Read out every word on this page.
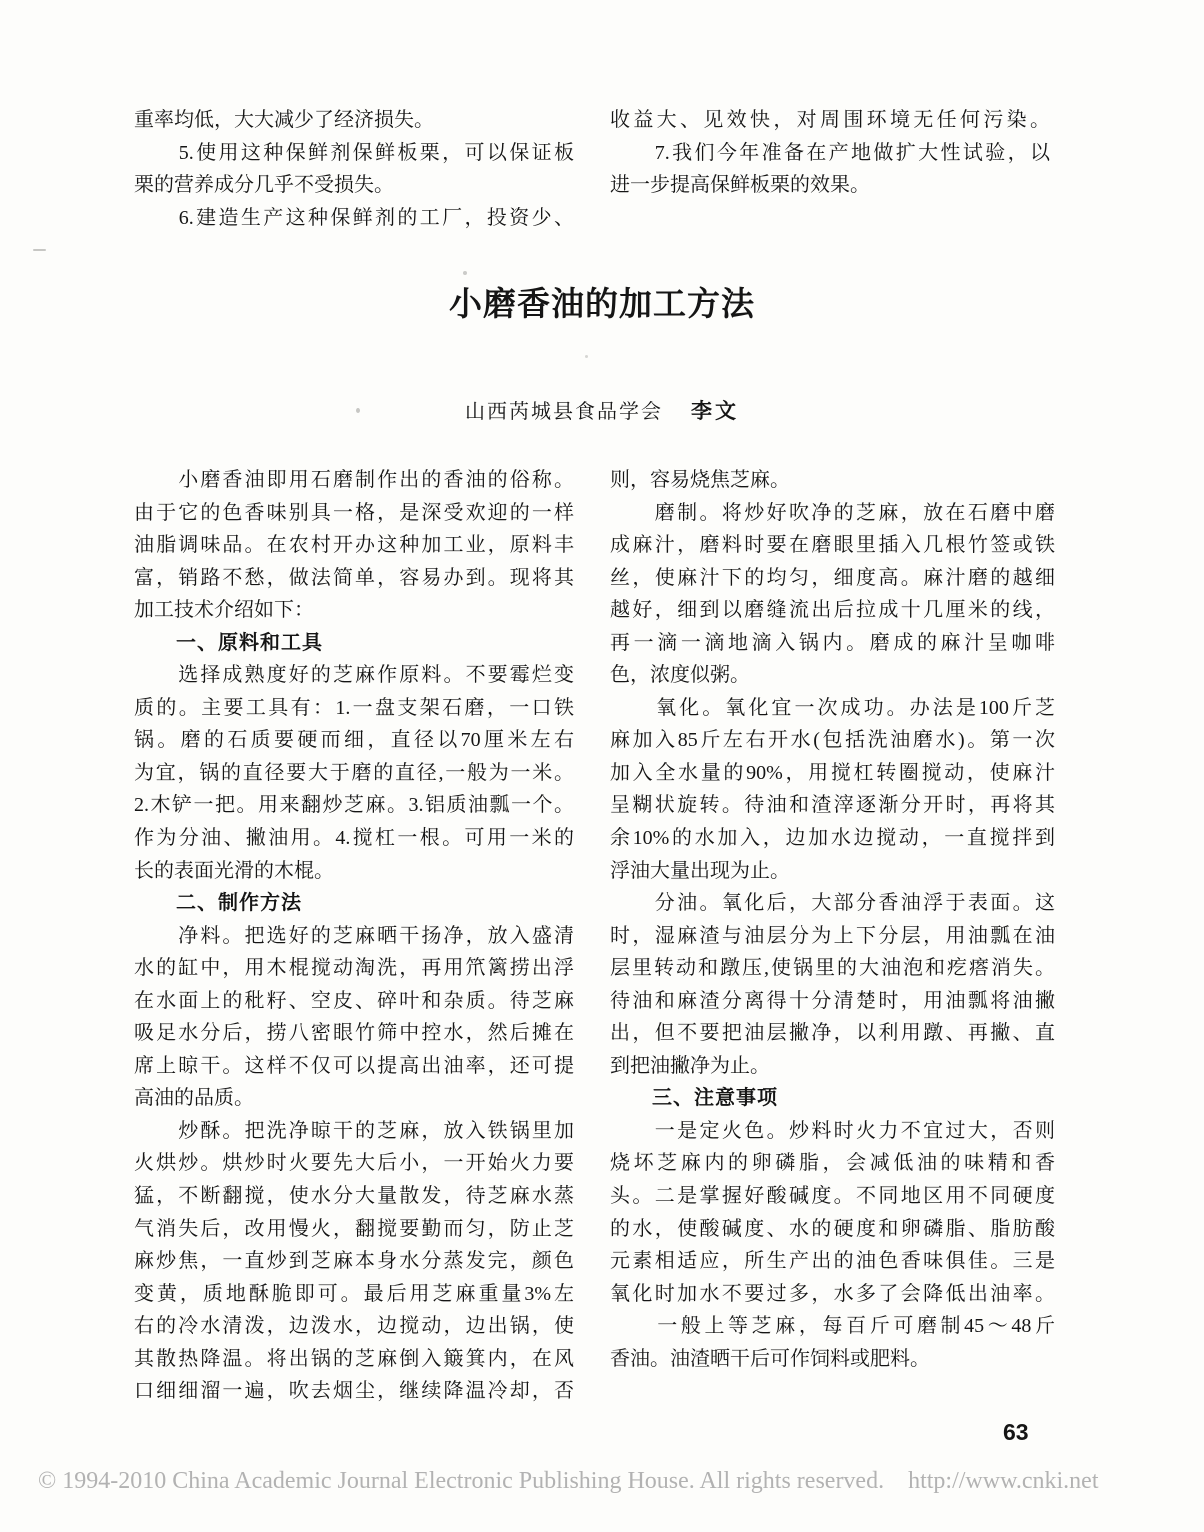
重率均低，大大减少了经济损失。
　　5.使用这种保鲜剂保鲜板栗，可以保证板
栗的营养成分几乎不受损失。
　　6.建造生产这种保鲜剂的工厂，投资少、
收益大、见效快，对周围环境无任何污染。
　　7.我们今年准备在产地做扩大性试验，以
进一步提高保鲜板栗的效果。
小磨香油的加工方法
山西芮城县食品学会 李文
　　小磨香油即用石磨制作出的香油的俗称。
由于它的色香味别具一格，是深受欢迎的一样
油脂调味品。在农村开办这种加工业，原料丰
富，销路不愁，做法简单，容易办到。现将其
加工技术介绍如下：
　　一、原料和工具
　　选择成熟度好的芝麻作原料。不要霉烂变
质的。主要工具有：1.一盘支架石磨，一口铁
锅。磨的石质要硬而细，直径以70厘米左右
为宜，锅的直径要大于磨的直径,一般为一米。
2.木铲一把。用来翻炒芝麻。3.铝质油瓢一个。
作为分油、撇油用。4.搅杠一根。可用一米的
长的表面光滑的木棍。
　　二、制作方法
　　净料。把选好的芝麻晒干扬净，放入盛清
水的缸中，用木棍搅动淘洗，再用笊篱捞出浮
在水面上的秕籽、空皮、碎叶和杂质。待芝麻
吸足水分后，捞八密眼竹筛中控水，然后摊在
席上晾干。这样不仅可以提高出油率，还可提
高油的品质。
　　炒酥。把洗净晾干的芝麻，放入铁锅里加
火烘炒。烘炒时火要先大后小，一开始火力要
猛，不断翻搅，使水分大量散发，待芝麻水蒸
气消失后，改用慢火，翻搅要勤而匀，防止芝
麻炒焦，一直炒到芝麻本身水分蒸发完，颜色
变黄，质地酥脆即可。最后用芝麻重量3%左
右的冷水清泼，边泼水，边搅动，边出锅，使
其散热降温。将出锅的芝麻倒入簸箕内，在风
口细细溜一遍，吹去烟尘，继续降温冷却，否
则，容易烧焦芝麻。
　　磨制。将炒好吹净的芝麻，放在石磨中磨
成麻汁，磨料时要在磨眼里插入几根竹签或铁
丝，使麻汁下的均匀，细度高。麻汁磨的越细
越好，细到以磨缝流出后拉成十几厘米的线，
再一滴一滴地滴入锅内。磨成的麻汁呈咖啡
色，浓度似粥。
　　氧化。氧化宜一次成功。办法是100斤芝
麻加入85斤左右开水(包括洗油磨水)。第一次
加入全水量的90%，用搅杠转圈搅动，使麻汁
呈糊状旋转。待油和渣滓逐渐分开时，再将其
余10%的水加入，边加水边搅动，一直搅拌到
浮油大量出现为止。
　　分油。氧化后，大部分香油浮于表面。这
时，湿麻渣与油层分为上下分层，用油瓢在油
层里转动和蹾压,使锅里的大油泡和疙瘩消失。
待油和麻渣分离得十分清楚时，用油瓢将油撇
出，但不要把油层撇净，以利用蹾、再撇、直
到把油撇净为止。
　　三、注意事项
　　一是定火色。炒料时火力不宜过大，否则
烧坏芝麻内的卵磷脂，会减低油的味精和香
头。二是掌握好酸碱度。不同地区用不同硬度
的水，使酸碱度、水的硬度和卵磷脂、脂肪酸
元素相适应，所生产出的油色香味俱佳。三是
氧化时加水不要过多，水多了会降低出油率。
　　一般上等芝麻，每百斤可磨制45～48斤
香油。油渣晒干后可作饲料或肥料。
63
© 1994-2010 China Academic Journal Electronic Publishing House. All rights reserved.    http://www.cnki.net
